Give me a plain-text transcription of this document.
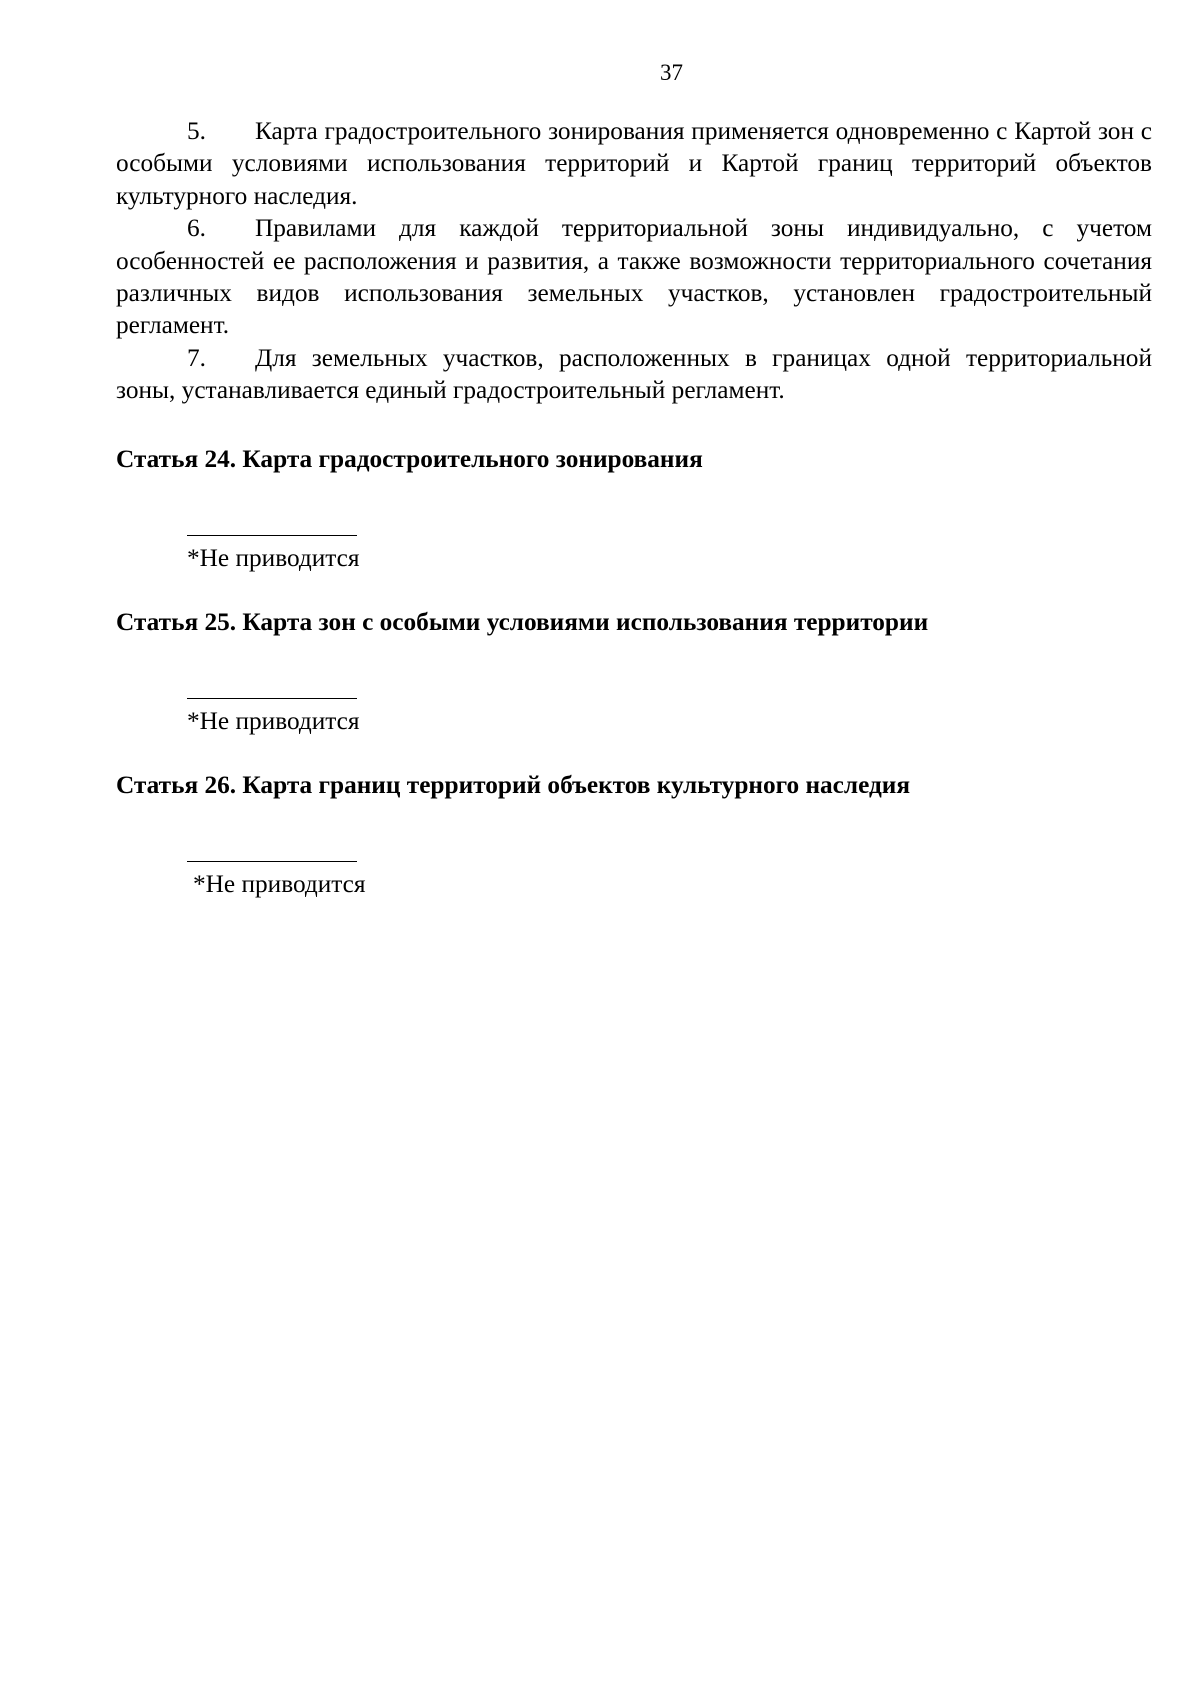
37

5. Карта градостроительного зонирования применяется одновременно с Картой зон с особыми условиями использования территорий и Картой границ территорий объектов культурного наследия.

6. Правилами для каждой территориальной зоны индивидуально, с учетом особенностей ее расположения и развития, а также возможности территориального сочетания различных видов использования земельных участков, установлен градостроительный регламент.

7. Для земельных участков, расположенных в границах одной территориальной зоны, устанавливается единый градостроительный регламент.

Статья 24. Карта градостроительного зонирования

*Не приводится

Статья 25. Карта зон с особыми условиями использования территории

*Не приводится

Статья 26. Карта границ территорий объектов культурного наследия

*Не приводится
